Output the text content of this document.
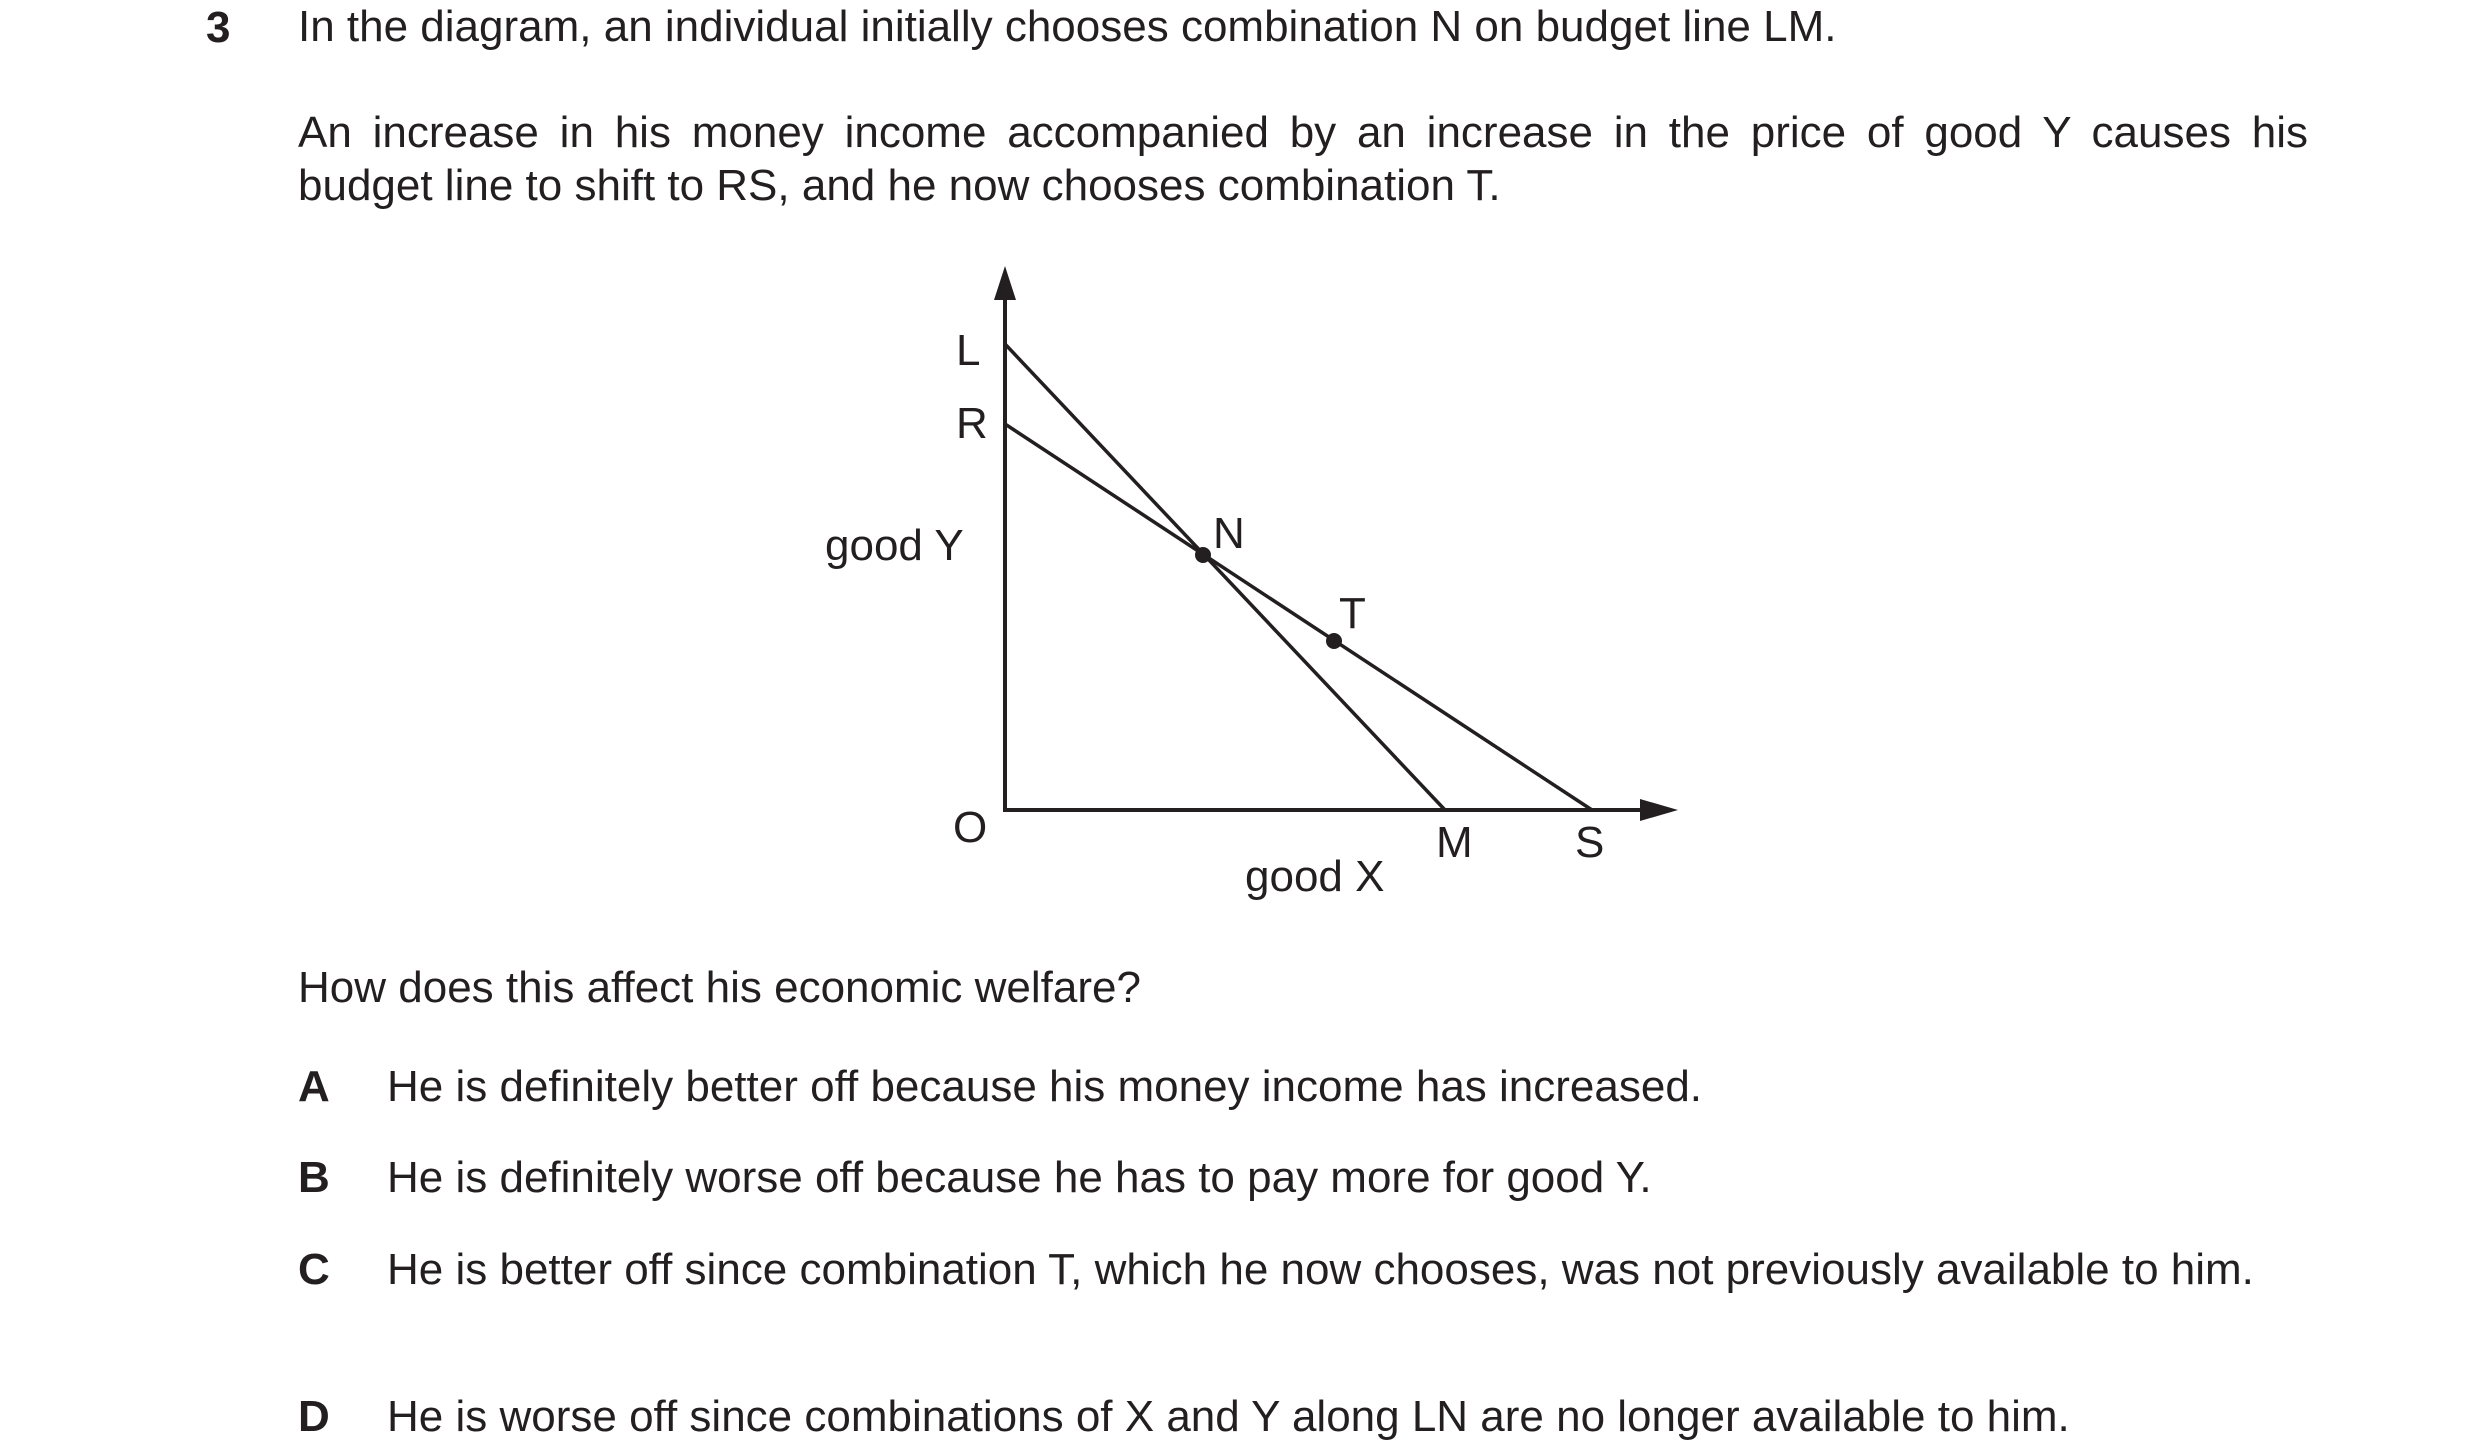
3 In the diagram, an individual initially chooses combination N on budget line LM.
An increase in his money income accompanied by an increase in the price of good Y causes his budget line to shift to RS, and he now chooses combination T.
L
R
N
T
M S
O
good Y
good X
How does this affect his economic welfare?
A He is definitely better off because his money income has increased.
B He is definitely worse off because he has to pay more for good Y.
C He is better off since combination T, which he now chooses, was not previously available to him.
D He is worse off since combinations of X and Y along LN are no longer available to him.
